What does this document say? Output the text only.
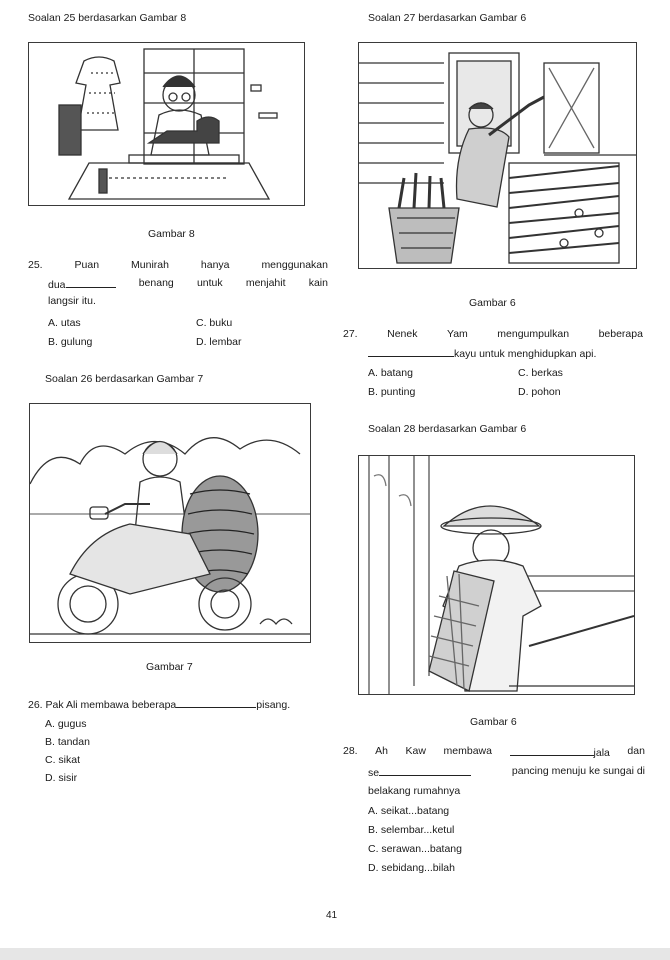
Soalan 25 berdasarkan Gambar 8	Soalan 27 berdasarkan Gambar 6
Gambar 8
25.	Puan	Munirah	hanya	menggunakan
dua	benang untuk menjahit kain
langsir itu.
A. utas	C. buku
B. gulung	D. lembar
Gambar 6
27.	Nenek	Yam	mengumpulkan	beberapa
kayu untuk menghidupkan api.
A. batang	C. berkas
B. punting	D. pohon
Soalan 26 berdasarkan Gambar 7
Soalan 28 berdasarkan Gambar 6
Gambar 7
26. Pak Ali membawa beberapa	pisang.
A. gugus
B. tandan
C. sikat
D. sisir
Gambar 6
28. Ah Kaw membawa	jala dan
se	pancing menuju ke sungai di
belakang rumahnya
A. seikat...batang
B. selembar...ketul
C. serawan...batang
D. sebidang...bilah
41
